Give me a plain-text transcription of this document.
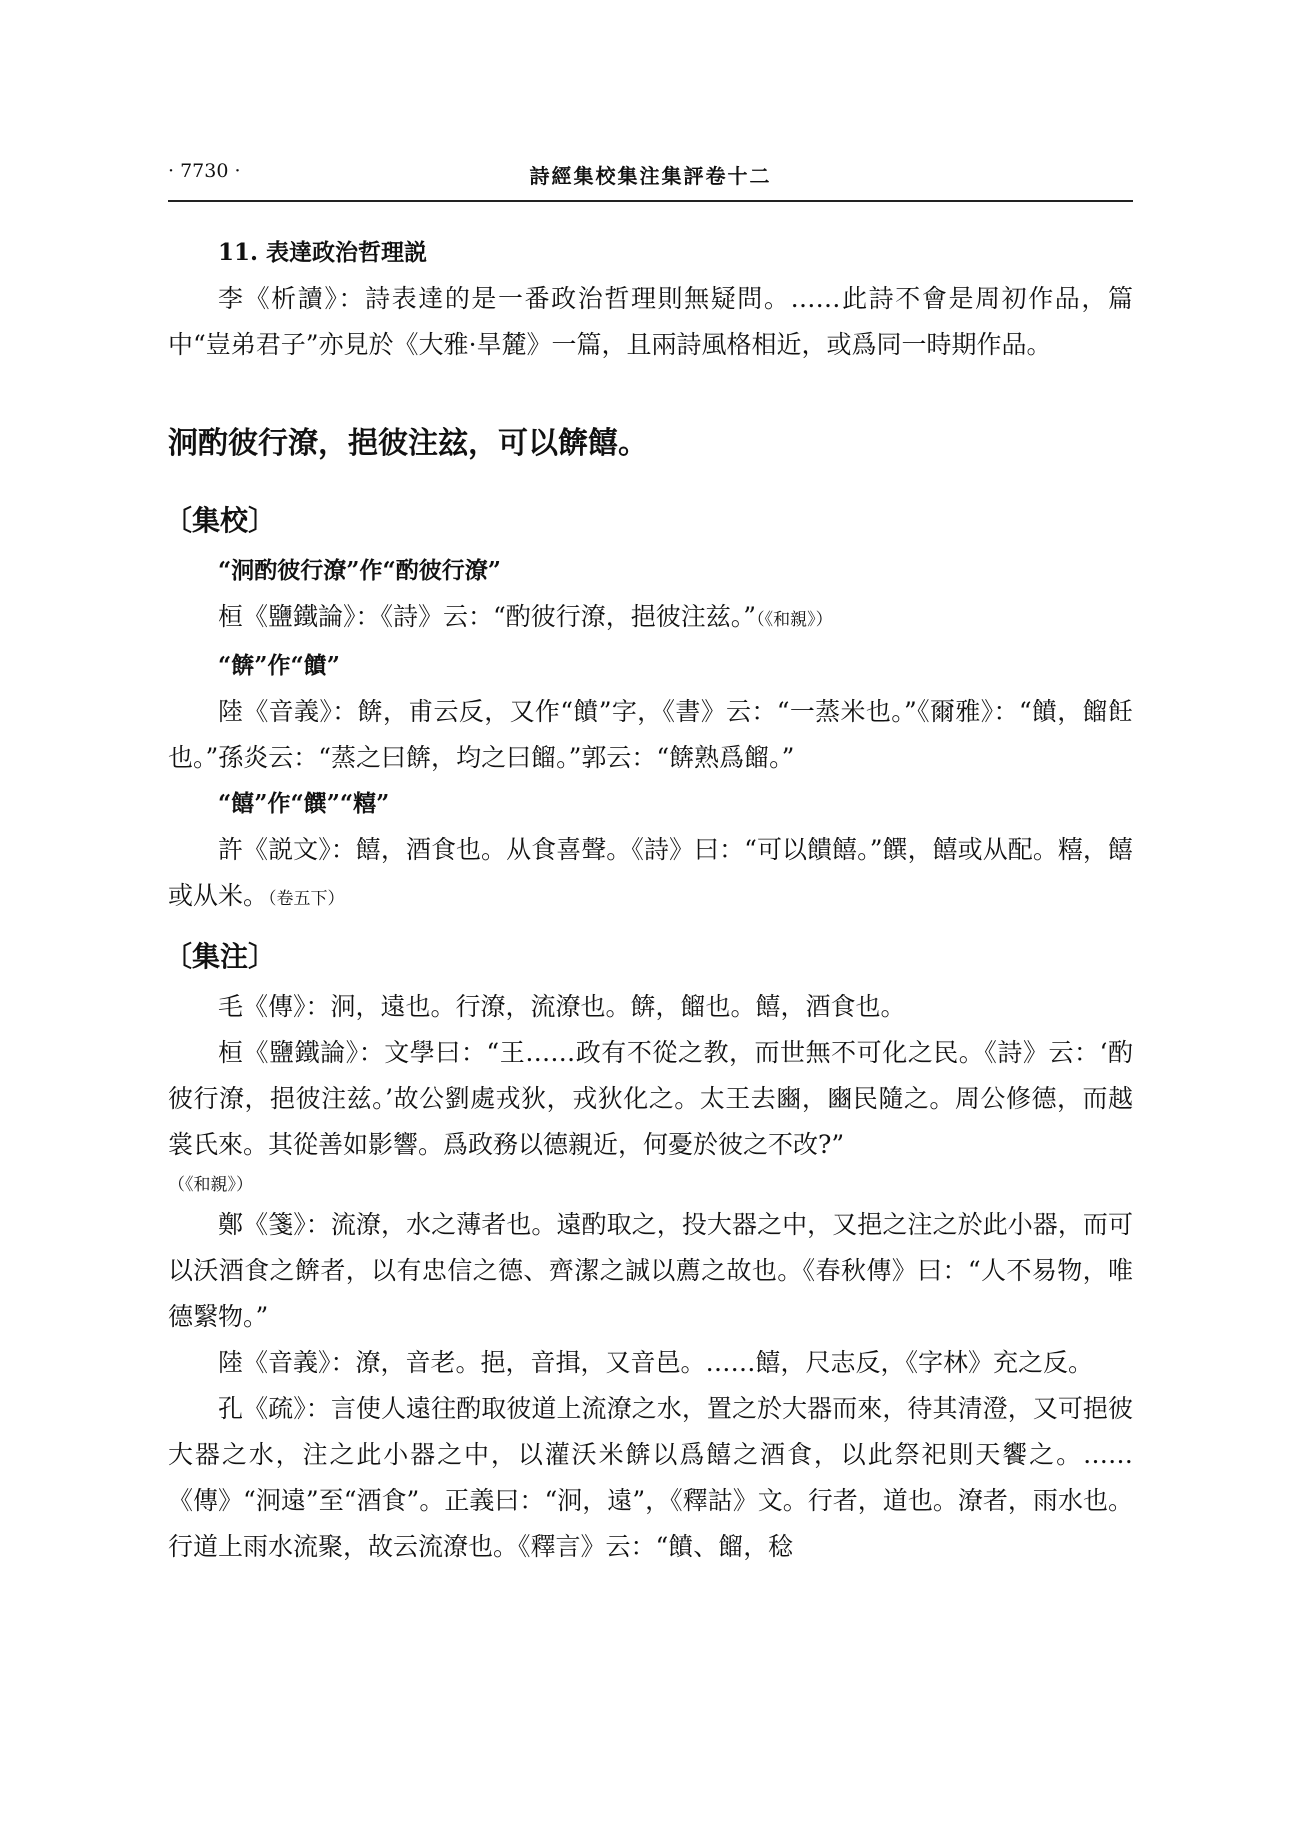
· 7730 ·	詩經集校集注集評卷十二

11. 表達政治哲理説

李《析讀》：詩表達的是一番政治哲理則無疑問。……此詩不會是周初作品，篇中“豈弟君子”亦見於《大雅·旱麓》一篇，且兩詩風格相近，或爲同一時期作品。

泂酌彼行潦，挹彼注玆，可以餴饎。

〔集校〕

“泂酌彼行潦”作“酌彼行潦”

桓《鹽鐵論》：《詩》云：“酌彼行潦，挹彼注兹。”（《和親》）

“餴”作“饙”

陸《音義》：餴，甫云反，又作“饙”字，《書》云：“一蒸米也。”《爾雅》：“饙，餾飪也。”孫炎云：“蒸之曰餴，均之曰餾。”郭云：“餴熟爲餾。”

“饎”作“饌”“糦”

許《説文》：饎，酒食也。从食喜聲。《詩》曰：“可以饋饎。”饌，饎或从配。糦，饎或从米。（卷五下）

〔集注〕

毛《傳》：泂，遠也。行潦，流潦也。餴，餾也。饎，酒食也。

桓《鹽鐵論》：文學曰：“王……政有不從之教，而世無不可化之民。《詩》云：‘酌彼行潦，挹彼注兹。’故公劉處戎狄，戎狄化之。太王去豳，豳民隨之。周公修德，而越裳氏來。其從善如影響。爲政務以德親近，何憂於彼之不改?”

（《和親》）

鄭《箋》：流潦，水之薄者也。遠酌取之，投大器之中，又挹之注之於此小器，而可以沃酒食之餴者，以有忠信之德、齊潔之誠以薦之故也。《春秋傳》曰：“人不易物，唯德繄物。”

陸《音義》：潦，音老。挹，音揖，又音邑。……饎，尺志反，《字林》充之反。

孔《疏》：言使人遠往酌取彼道上流潦之水，置之於大器而來，待其清澄，又可挹彼大器之水，注之此小器之中，以灌沃米餴以爲饎之酒食，以此祭祀則天饗之。……《傳》“泂遠”至“酒食”。正義曰：“泂，遠”，《釋詁》文。行者，道也。潦者，雨水也。行道上雨水流聚，故云流潦也。《釋言》云：“饙、餾，稔
